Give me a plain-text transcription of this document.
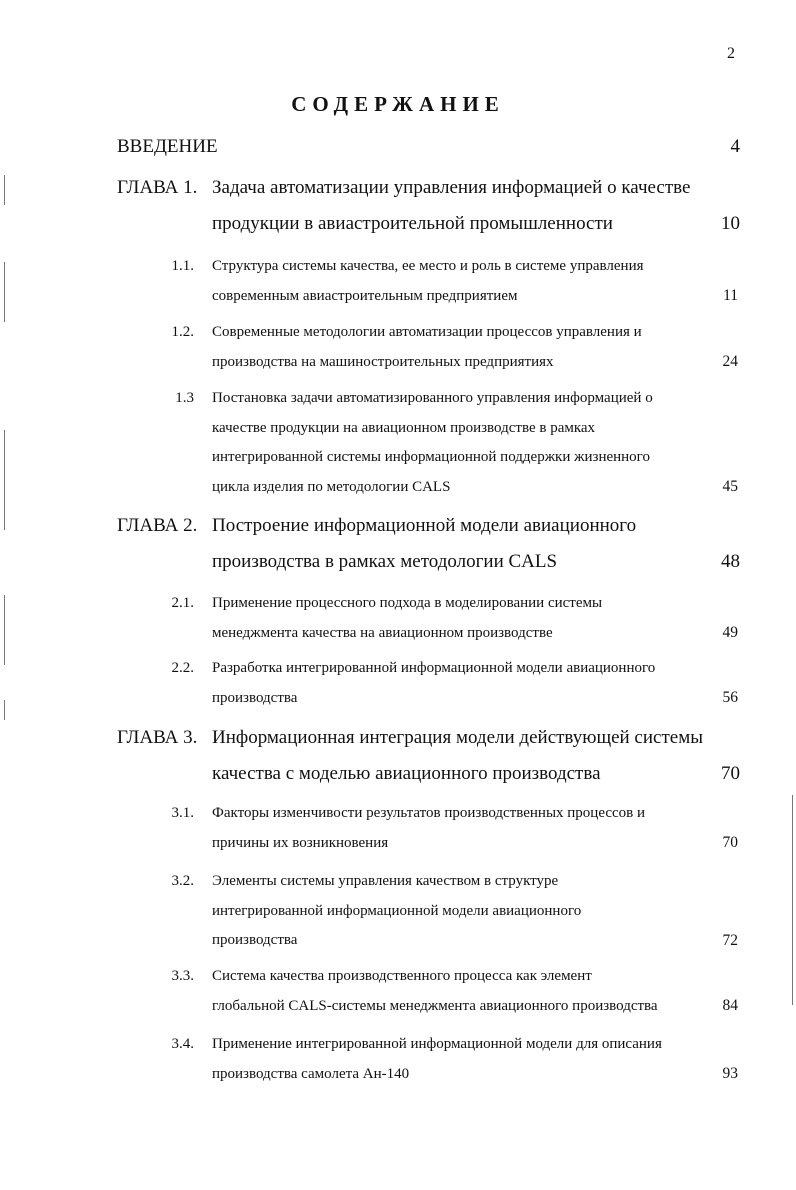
2
СОДЕРЖАНИЕ
ВВЕДЕНИЕ	4
ГЛАВА 1. Задача автоматизации управления информацией о качестве
продукции в авиастроительной промышленности	10
1.1. Структура системы качества, ее место и роль в системе управления
современным авиастроительным предприятием	11
1.2. Современные методологии автоматизации процессов управления и
производства на машиностроительных предприятиях	24
1.3 Постановка задачи автоматизированного управления информацией о
качестве продукции на авиационном производстве в рамках
интегрированной системы информационной поддержки жизненного
цикла изделия по методологии CALS	45
ГЛАВА 2. Построение информационной модели авиационного
производства в рамках методологии CALS	48
2.1. Применение процессного подхода в моделировании системы
менеджмента качества на авиационном производстве	49
2.2. Разработка интегрированной информационной модели авиационного
производства	56
ГЛАВА 3. Информационная интеграция модели действующей системы
качества с моделью авиационного производства	70
3.1. Факторы изменчивости результатов производственных процессов и
причины их возникновения	70
3.2. Элементы системы управления качеством в структуре
интегрированной информационной модели авиационного
производства	72
3.3. Система качества производственного процесса как элемент
глобальной CALS-системы менеджмента авиационного производства	84
3.4. Применение интегрированной информационной модели для описания
производства самолета Ан-140	93
